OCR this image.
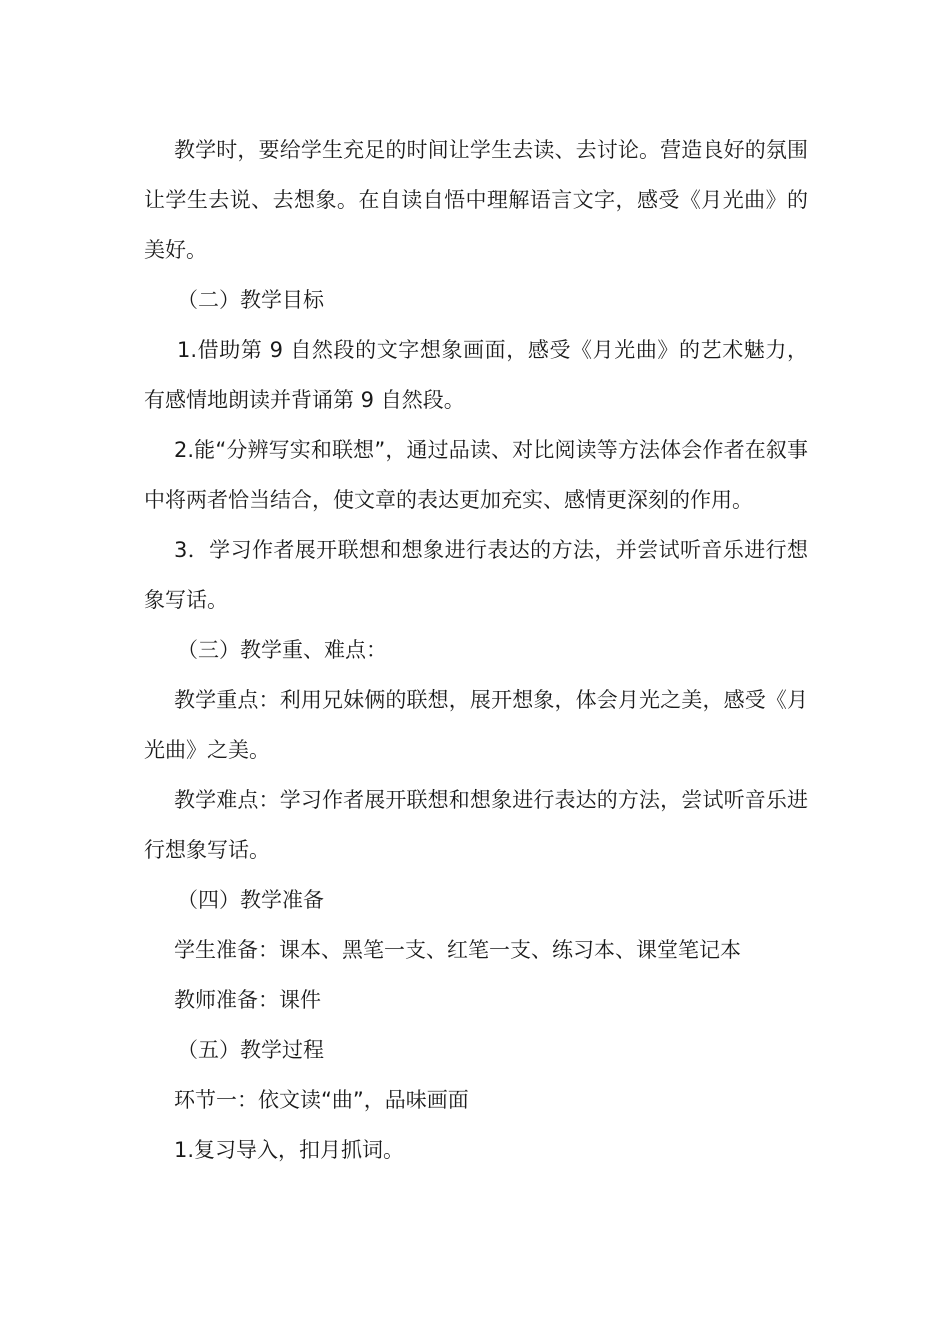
教学时，要给学生充足的时间让学生去读、去讨论。营造良好的氛围让学生去说、去想象。在自读自悟中理解语言文字，感受《月光曲》的美好。

（二）教学目标

1.借助第 9 自然段的文字想象画面，感受《月光曲》的艺术魅力，有感情地朗读并背诵第 9 自然段。

2.能“分辨写实和联想”，通过品读、对比阅读等方法体会作者在叙事中将两者恰当结合，使文章的表达更加充实、感情更深刻的作用。

3．学习作者展开联想和想象进行表达的方法，并尝试听音乐进行想象写话。

（三）教学重、难点：

教学重点：利用兄妹俩的联想，展开想象，体会月光之美，感受《月光曲》之美。

教学难点：学习作者展开联想和想象进行表达的方法，尝试听音乐进行想象写话。

（四）教学准备

学生准备：课本、黑笔一支、红笔一支、练习本、课堂笔记本

教师准备：课件

（五）教学过程

环节一：依文读“曲”，品味画面

1.复习导入，扣月抓词。
